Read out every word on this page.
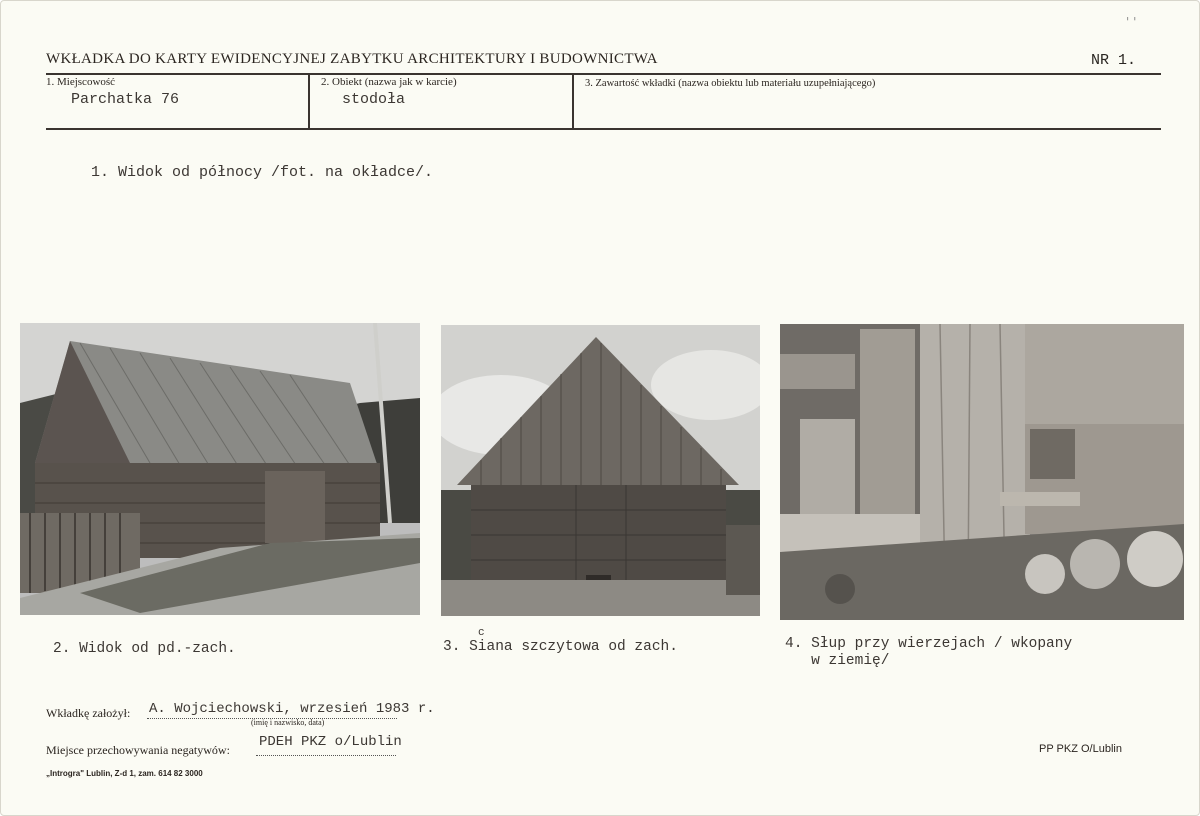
' '
WKŁADKA DO KARTY EWIDENCYJNEJ ZABYTKU ARCHITEKTURY I BUDOWNICTWA	NR 1.
1. Miejscowość
Parchatka 76
2. Obiekt (nazwa jak w karcie)
stodoła
3. Zawartość wkładki (nazwa obiektu lub materiału uzupełniającego)
1. Widok od północy /fot. na okładce/.
2. Widok od pd.-zach.	3. Siana szczytowa od zach.
c
4. Słup przy wierzejach / wkopany
w ziemię/
Wkładkę założył: A. Wojciechowski, wrzesień 1983 r.
(imię i nazwisko, data)
Miejsce przechowywania negatywów: PDEH PKZ o/Lublin	PP PKZ O/Lublin
„Introgra" Lublin, Z-d 1, zam. 614 82 3000
